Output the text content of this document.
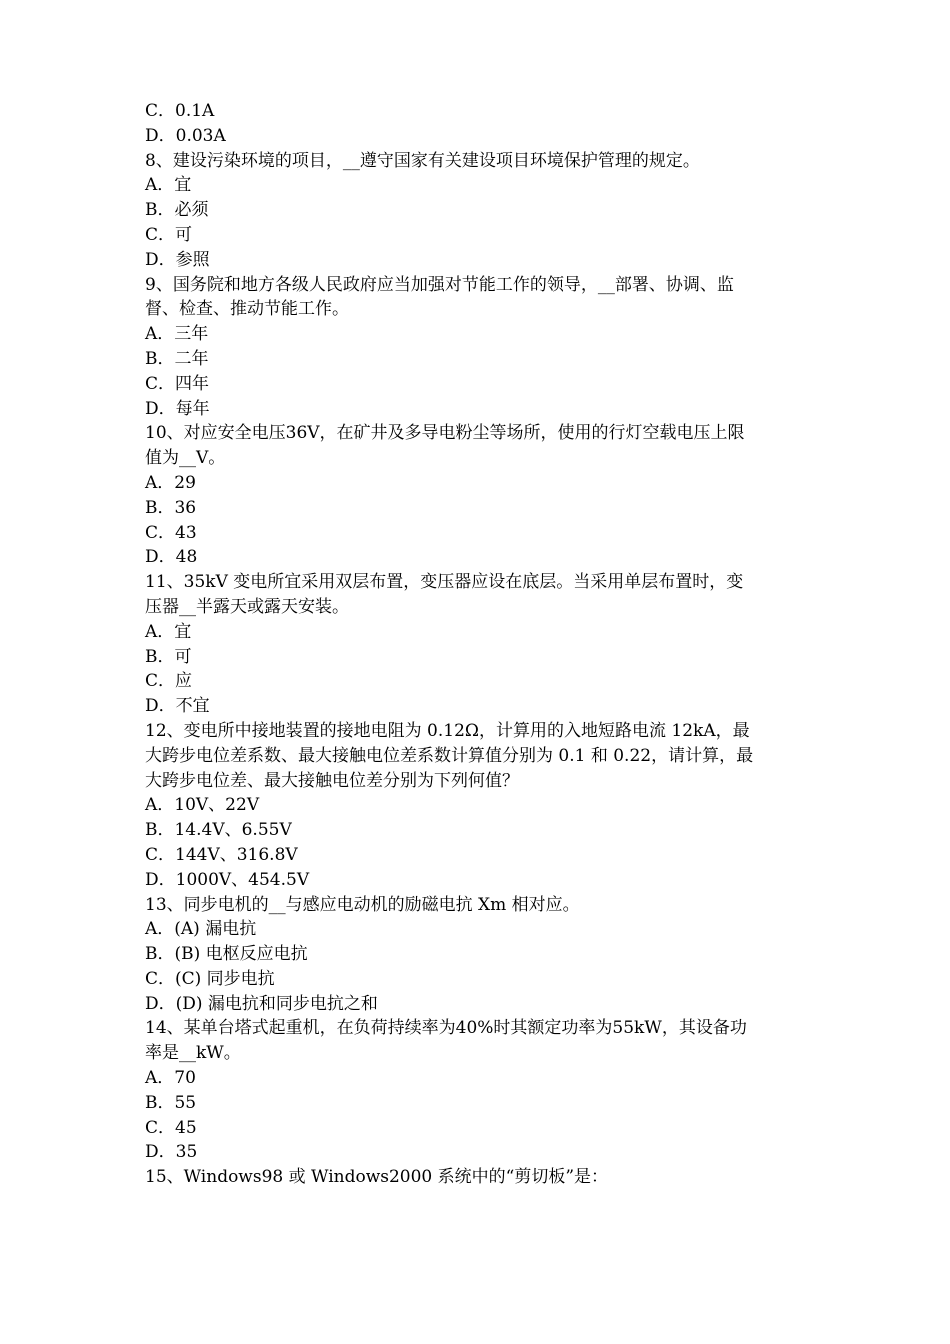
C．0.1A
D．0.03A
8、建设污染环境的项目，__遵守国家有关建设项目环境保护管理的规定。
A．宜
B．必须
C．可
D．参照
9、国务院和地方各级人民政府应当加强对节能工作的领导，__部署、协调、监
督、检查、推动节能工作。
A．三年
B．二年
C．四年
D．每年
10、对应安全电压36V，在矿井及多导电粉尘等场所，使用的行灯空载电压上限
值为__V。
A．29
B．36
C．43
D．48
11、35kV 变电所宜采用双层布置，变压器应设在底层。当采用单层布置时，变
压器__半露天或露天安装。
A．宜
B．可
C．应
D．不宜
12、变电所中接地装置的接地电阻为 0.12Ω，计算用的入地短路电流 12kA，最
大跨步电位差系数、最大接触电位差系数计算值分别为 0.1 和 0.22，请计算，最
大跨步电位差、最大接触电位差分别为下列何值？
A．10V、22V
B．14.4V、6.55V
C．144V、316.8V
D．1000V、454.5V
13、同步电机的__与感应电动机的励磁电抗 Xm 相对应。
A．(A) 漏电抗
B．(B) 电枢反应电抗
C．(C) 同步电抗
D．(D) 漏电抗和同步电抗之和
14、某单台塔式起重机，在负荷持续率为40%时其额定功率为55kW，其设备功
率是__kW。
A．70
B．55
C．45
D．35
15、Windows98 或 Windows2000 系统中的“剪切板”是：
